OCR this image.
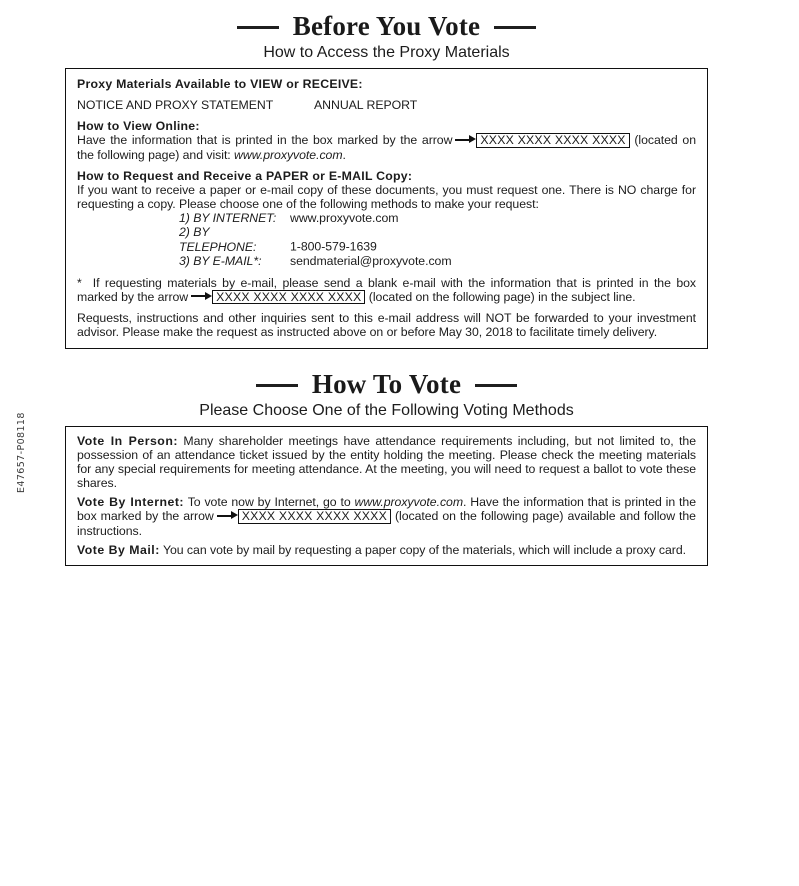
Before You Vote
How to Access the Proxy Materials

Proxy Materials Available to VIEW or RECEIVE:

NOTICE AND PROXY STATEMENT	ANNUAL REPORT

How to View Online:

Have the information that is printed in the box marked by the arrow XXXX XXXX XXXX XXXX (located on the following page) and visit: www.proxyvote.com.

How to Request and Receive a PAPER or E-MAIL Copy:

If you want to receive a paper or e-mail copy of these documents, you must request one. There is NO charge for requesting a copy. Please choose one of the following methods to make your request:

1) BY INTERNET: www.proxyvote.com
2) BY TELEPHONE:	1-800-579-1639
3) BY E-MAIL*: sendmaterial@proxyvote.com

* If requesting materials by e-mail, please send a blank e-mail with the information that is printed in the box marked by the arrow XXXX XXXX XXXX XXXX (located on the following page) in the subject line.

Requests, instructions and other inquiries sent to this e-mail address will NOT be forwarded to your investment advisor. Please make the request as instructed above on or before May 30, 2018 to facilitate timely delivery.

How To Vote
Please Choose One of the Following Voting Methods

Vote In Person: Many shareholder meetings have attendance requirements including, but not limited to, the possession of an attendance ticket issued by the entity holding the meeting. Please check the meeting materials for any special requirements for meeting attendance. At the meeting, you will need to request a ballot to vote these shares.

Vote By Internet: To vote now by Internet, go to www.proxyvote.com. Have the information that is printed in the box marked by the arrow XXXX XXXX XXXX XXXX (located on the following page) available and follow the instructions.

Vote By Mail: You can vote by mail by requesting a paper copy of the materials, which will include a proxy card.

E47657-P08118
